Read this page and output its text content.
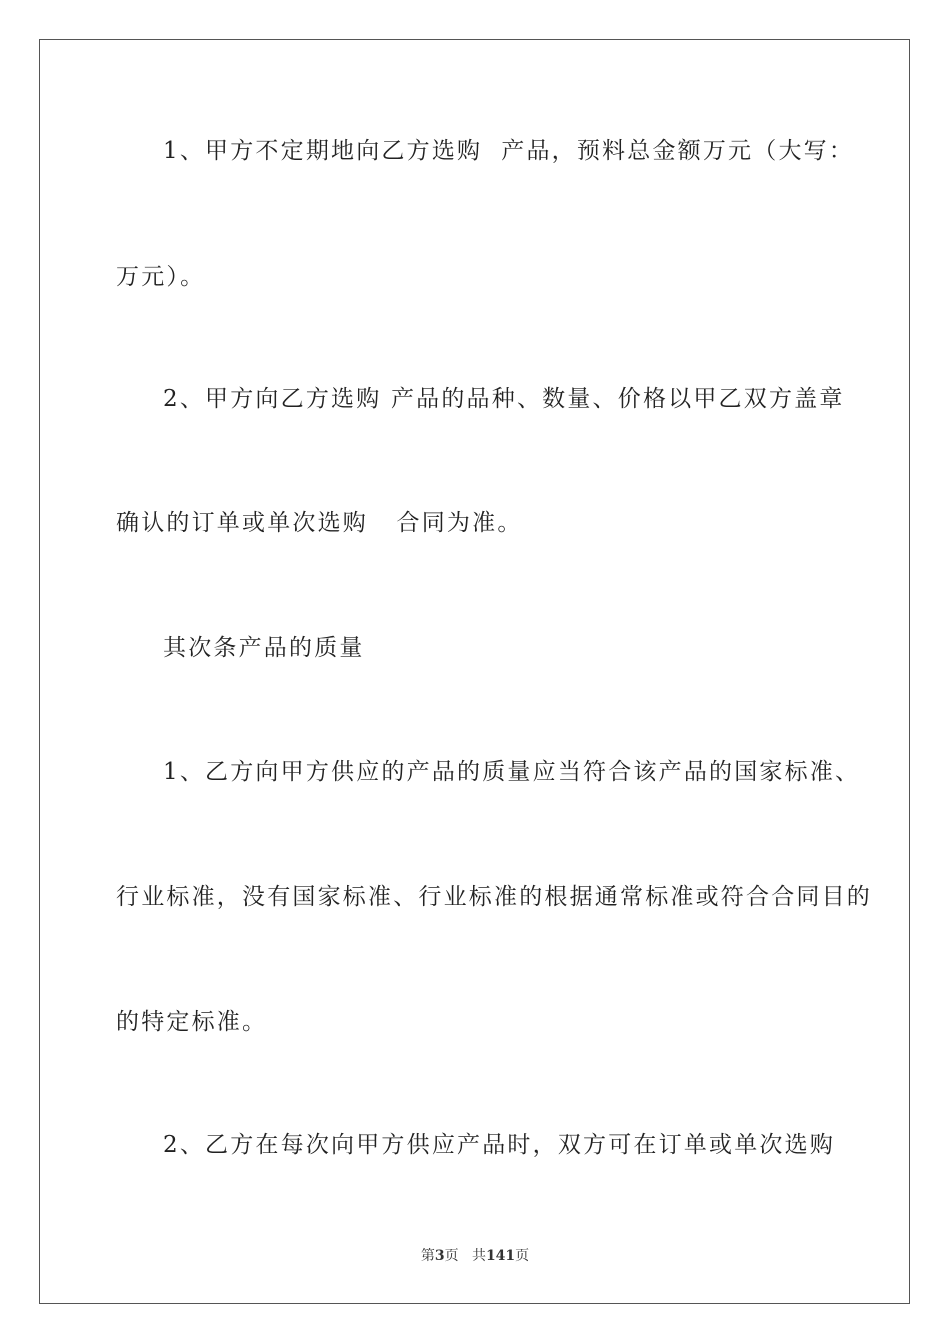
1、甲方不定期地向乙方选购  产品，预料总金额万元（大写：
万元）。
2、甲方向乙方选购 产品的品种、数量、价格以甲乙双方盖章
确认的订单或单次选购   合同为准。
其次条产品的质量
1、乙方向甲方供应的产品的质量应当符合该产品的国家标准、
行业标准，没有国家标准、行业标准的根据通常标准或符合合同目的
的特定标准。
2、乙方在每次向甲方供应产品时，双方可在订单或单次选购
第3页 共141页
